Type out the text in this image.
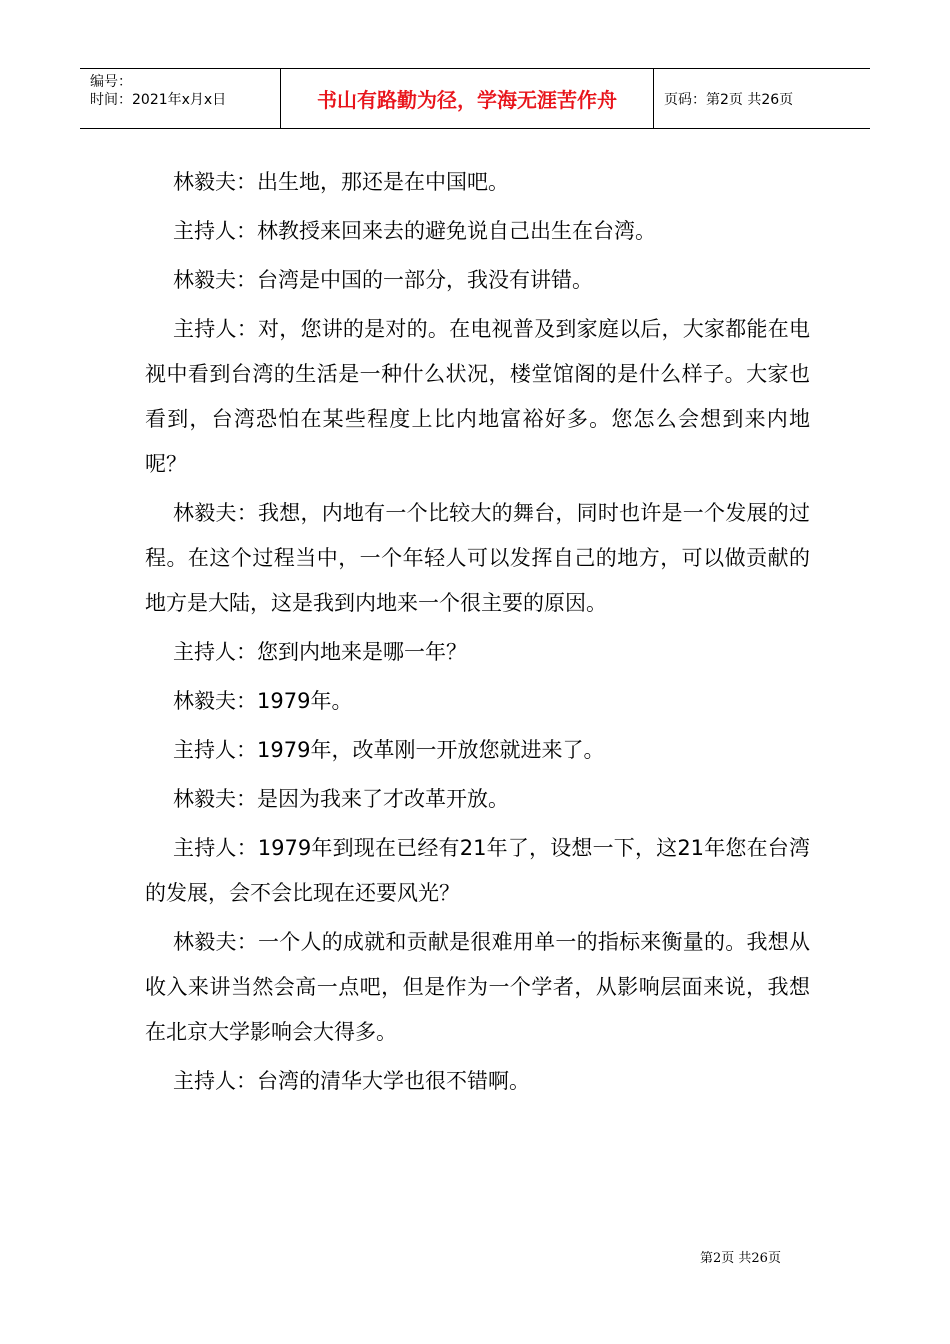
编号：
时间：2021年x月x日	书山有路勤为径，学海无涯苦作舟	页码：第2页 共26页

林毅夫：出生地，那还是在中国吧。

主持人：林教授来回来去的避免说自己出生在台湾。

林毅夫：台湾是中国的一部分，我没有讲错。

主持人：对，您讲的是对的。在电视普及到家庭以后，大家都能在电视中看到台湾的生活是一种什么状况，楼堂馆阁的是什么样子。大家也看到，台湾恐怕在某些程度上比内地富裕好多。您怎么会想到来内地呢？

林毅夫：我想，内地有一个比较大的舞台，同时也许是一个发展的过程。在这个过程当中，一个年轻人可以发挥自己的地方，可以做贡献的地方是大陆，这是我到内地来一个很主要的原因。

主持人：您到内地来是哪一年？

林毅夫：1979年。

主持人：1979年，改革刚一开放您就进来了。

林毅夫：是因为我来了才改革开放。

主持人：1979年到现在已经有21年了，设想一下，这21年您在台湾的发展，会不会比现在还要风光？

林毅夫：一个人的成就和贡献是很难用单一的指标来衡量的。我想从收入来讲当然会高一点吧，但是作为一个学者，从影响层面来说，我想在北京大学影响会大得多。

主持人：台湾的清华大学也很不错啊。

第2页 共26页
